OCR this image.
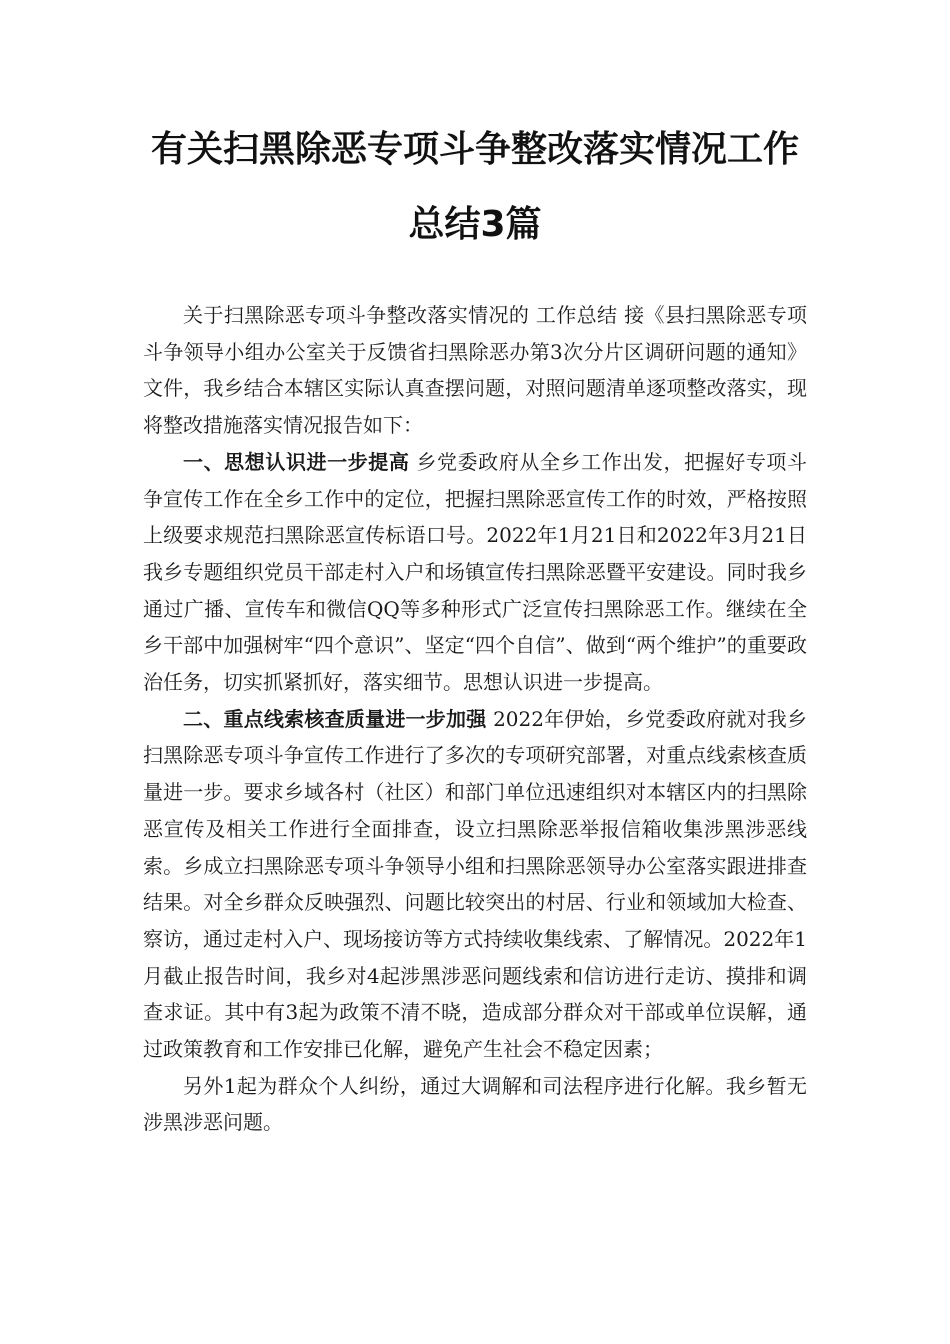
有关扫黑除恶专项斗争整改落实情况工作
总结3篇

关于扫黑除恶专项斗争整改落实情况的 工作总结 接《县扫黑除恶专项斗争领导小组办公室关于反馈省扫黑除恶办第3次分片区调研问题的通知》文件，我乡结合本辖区实际认真查摆问题，对照问题清单逐项整改落实，现将整改措施落实情况报告如下：

一、思想认识进一步提高 乡党委政府从全乡工作出发，把握好专项斗争宣传工作在全乡工作中的定位，把握扫黑除恶宣传工作的时效，严格按照上级要求规范扫黑除恶宣传标语口号。2022年1月21日和2022年3月21日我乡专题组织党员干部走村入户和场镇宣传扫黑除恶暨平安建设。同时我乡通过广播、宣传车和微信QQ等多种形式广泛宣传扫黑除恶工作。继续在全乡干部中加强树牢“四个意识”、坚定“四个自信”、做到“两个维护”的重要政治任务，切实抓紧抓好，落实细节。思想认识进一步提高。

二、重点线索核查质量进一步加强 2022年伊始，乡党委政府就对我乡扫黑除恶专项斗争宣传工作进行了多次的专项研究部署，对重点线索核查质量进一步。要求乡域各村（社区）和部门单位迅速组织对本辖区内的扫黑除恶宣传及相关工作进行全面排查，设立扫黑除恶举报信箱收集涉黑涉恶线索。乡成立扫黑除恶专项斗争领导小组和扫黑除恶领导办公室落实跟进排查结果。对全乡群众反映强烈、问题比较突出的村居、行业和领域加大检查、察访，通过走村入户、现场接访等方式持续收集线索、了解情况。2022年1月截止报告时间，我乡对4起涉黑涉恶问题线索和信访进行走访、摸排和调查求证。其中有3起为政策不清不晓，造成部分群众对干部或单位误解，通过政策教育和工作安排已化解，避免产生社会不稳定因素；

另外1起为群众个人纠纷，通过大调解和司法程序进行化解。我乡暂无涉黑涉恶问题。
